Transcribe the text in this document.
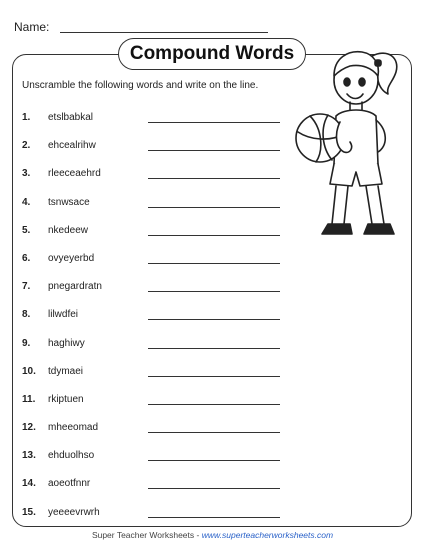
Name:
Compound Words
Unscramble the following words and write on the line.
1.	etslbabkal
2.	ehcealrihw
3.	rleeceaehrd
4.	tsnwsace
5.	nkedeew
6.	ovyeyerbd
7.	pnegardratn
8.	lilwdfei
9.	haghiwy
10.	tdymaei
11.	rkiptuen
12.	mheeomad
13.	ehduolhso
14.	aoeotfnnr
15.	yeeeevrwrh
Super Teacher Worksheets - www.superteacherworksheets.com
